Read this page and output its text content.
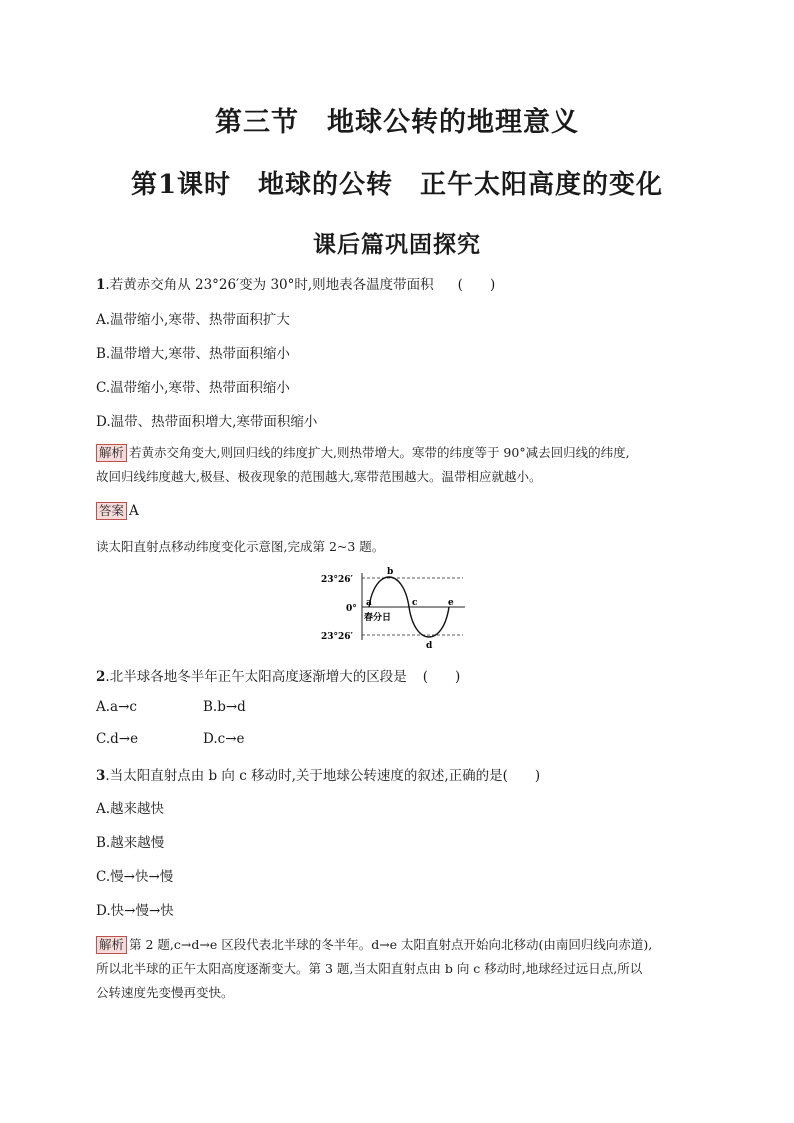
第三节　地球公转的地理意义
第1课时　地球的公转　正午太阳高度的变化
课后篇巩固探究
1.若黄赤交角从 23°26′变为 30°时,则地表各温度带面积 (　　)
A.温带缩小,寒带、热带面积扩大
B.温带增大,寒带、热带面积缩小
C.温带缩小,寒带、热带面积缩小
D.温带、热带面积增大,寒带面积缩小
解析 若黄赤交角变大,则回归线的纬度扩大,则热带增大。寒带的纬度等于 90°减去回归线的纬度,
故回归线纬度越大,极昼、极夜现象的范围越大,寒带范围越大。温带相应就越小。
答案 A
读太阳直射点移动纬度变化示意图,完成第 2~3 题。
23°26′
0°
23°26′
a
b
c
d
e
春分日
2.北半球各地冬半年正午太阳高度逐渐增大的区段是 (　　)
A.a→c	B.b→d
C.d→e	D.c→e
3.当太阳直射点由 b 向 c 移动时,关于地球公转速度的叙述,正确的是(　　)
A.越来越快
B.越来越慢
C.慢→快→慢
D.快→慢→快
解析 第 2 题,c→d→e 区段代表北半球的冬半年。d→e 太阳直射点开始向北移动(由南回归线向赤道),
所以北半球的正午太阳高度逐渐变大。第 3 题,当太阳直射点由 b 向 c 移动时,地球经过远日点,所以
公转速度先变慢再变快。
